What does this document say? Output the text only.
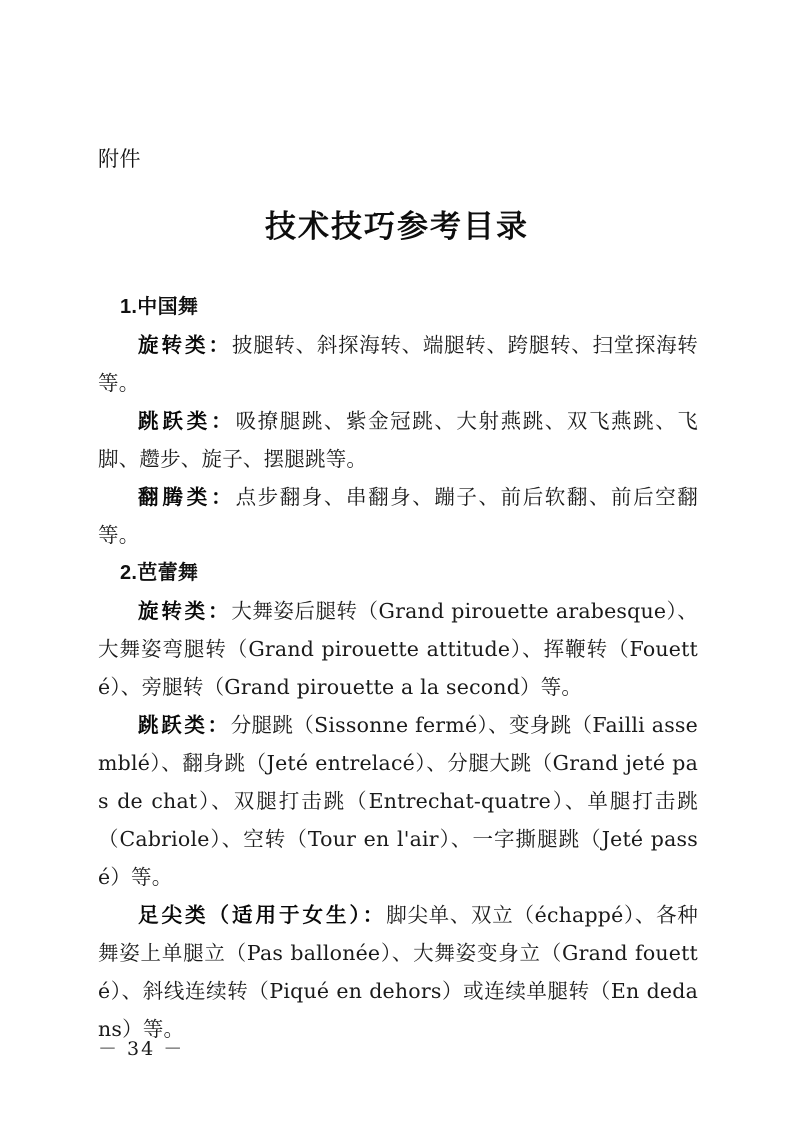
附件
技术技巧参考目录
1.中国舞
旋转类：披腿转、斜探海转、端腿转、跨腿转、扫堂探海转等。
跳跃类：吸撩腿跳、紫金冠跳、大射燕跳、双飞燕跳、飞脚、趱步、旋子、摆腿跳等。
翻腾类：点步翻身、串翻身、蹦子、前后软翻、前后空翻等。
2.芭蕾舞
旋转类：大舞姿后腿转（Grand pirouette arabesque）、大舞姿弯腿转（Grand pirouette attitude）、挥鞭转（Fouetté）、旁腿转（Grand pirouette a la second）等。
跳跃类：分腿跳（Sissonne fermé）、变身跳（Failli assemblé）、翻身跳（Jeté entrelacé）、分腿大跳（Grand jeté pas de chat）、双腿打击跳（Entrechat-quatre）、单腿打击跳（Cabriole）、空转（Tour en l'air）、一字撕腿跳（Jeté passé）等。
足尖类（适用于女生）：脚尖单、双立（échappé）、各种舞姿上单腿立（Pas ballonée）、大舞姿变身立（Grand fouetté）、斜线连续转（Piqué en dehors）或连续单腿转（En dedans）等。
－ 34 －
